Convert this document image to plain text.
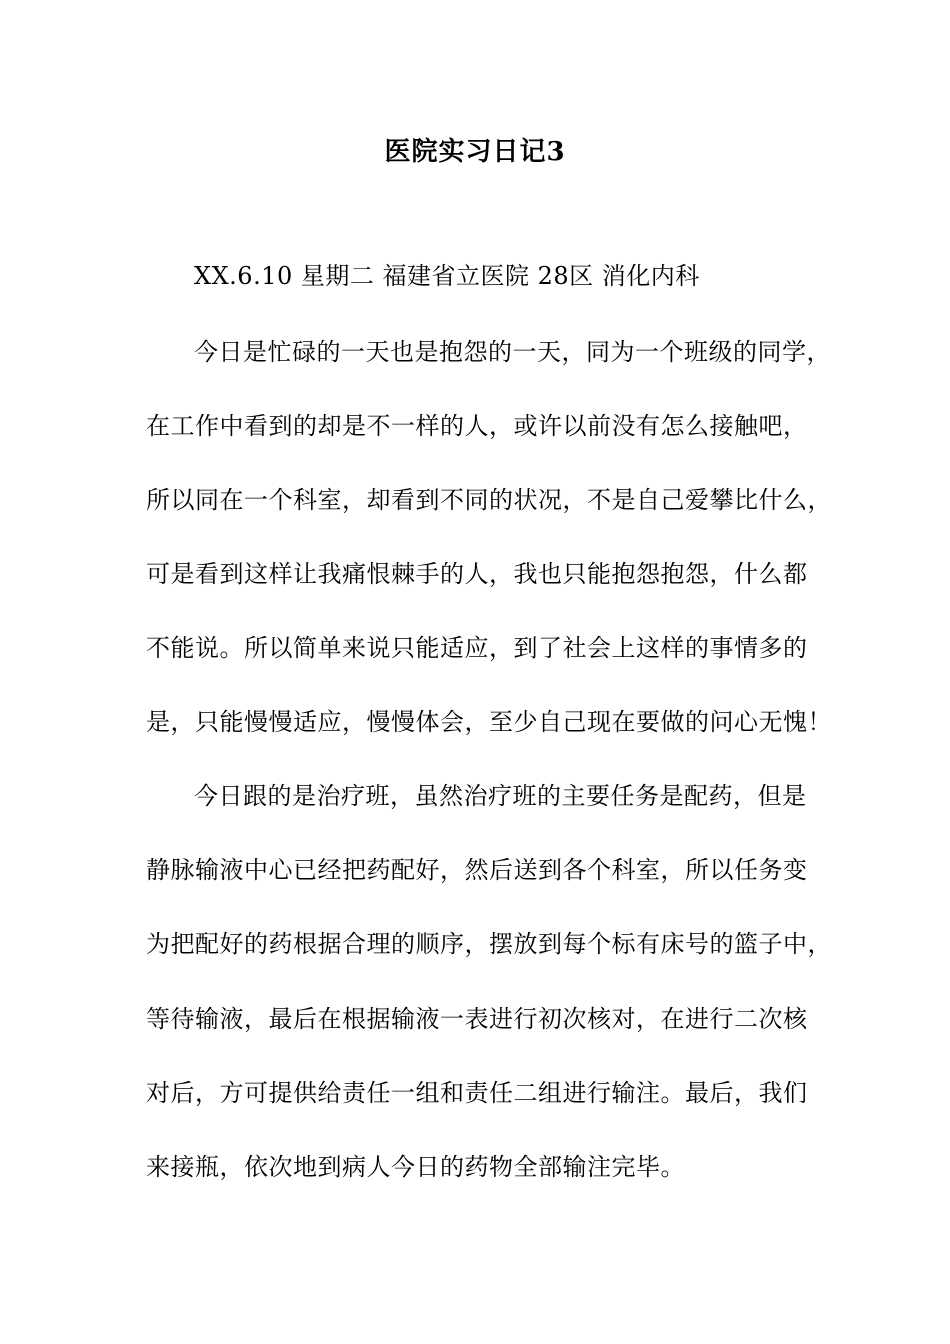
医院实习日记3
XX.6.10 星期二 福建省立医院 28区 消化内科
今日是忙碌的一天也是抱怨的一天，同为一个班级的同学，
在工作中看到的却是不一样的人，或许以前没有怎么接触吧，
所以同在一个科室，却看到不同的状况，不是自己爱攀比什么，
可是看到这样让我痛恨棘手的人，我也只能抱怨抱怨，什么都
不能说。所以简单来说只能适应，到了社会上这样的事情多的
是，只能慢慢适应，慢慢体会，至少自己现在要做的问心无愧！
今日跟的是治疗班，虽然治疗班的主要任务是配药，但是
静脉输液中心已经把药配好，然后送到各个科室，所以任务变
为把配好的药根据合理的顺序，摆放到每个标有床号的篮子中，
等待输液，最后在根据输液一表进行初次核对，在进行二次核
对后，方可提供给责任一组和责任二组进行输注。最后，我们
来接瓶，依次地到病人今日的药物全部输注完毕。
